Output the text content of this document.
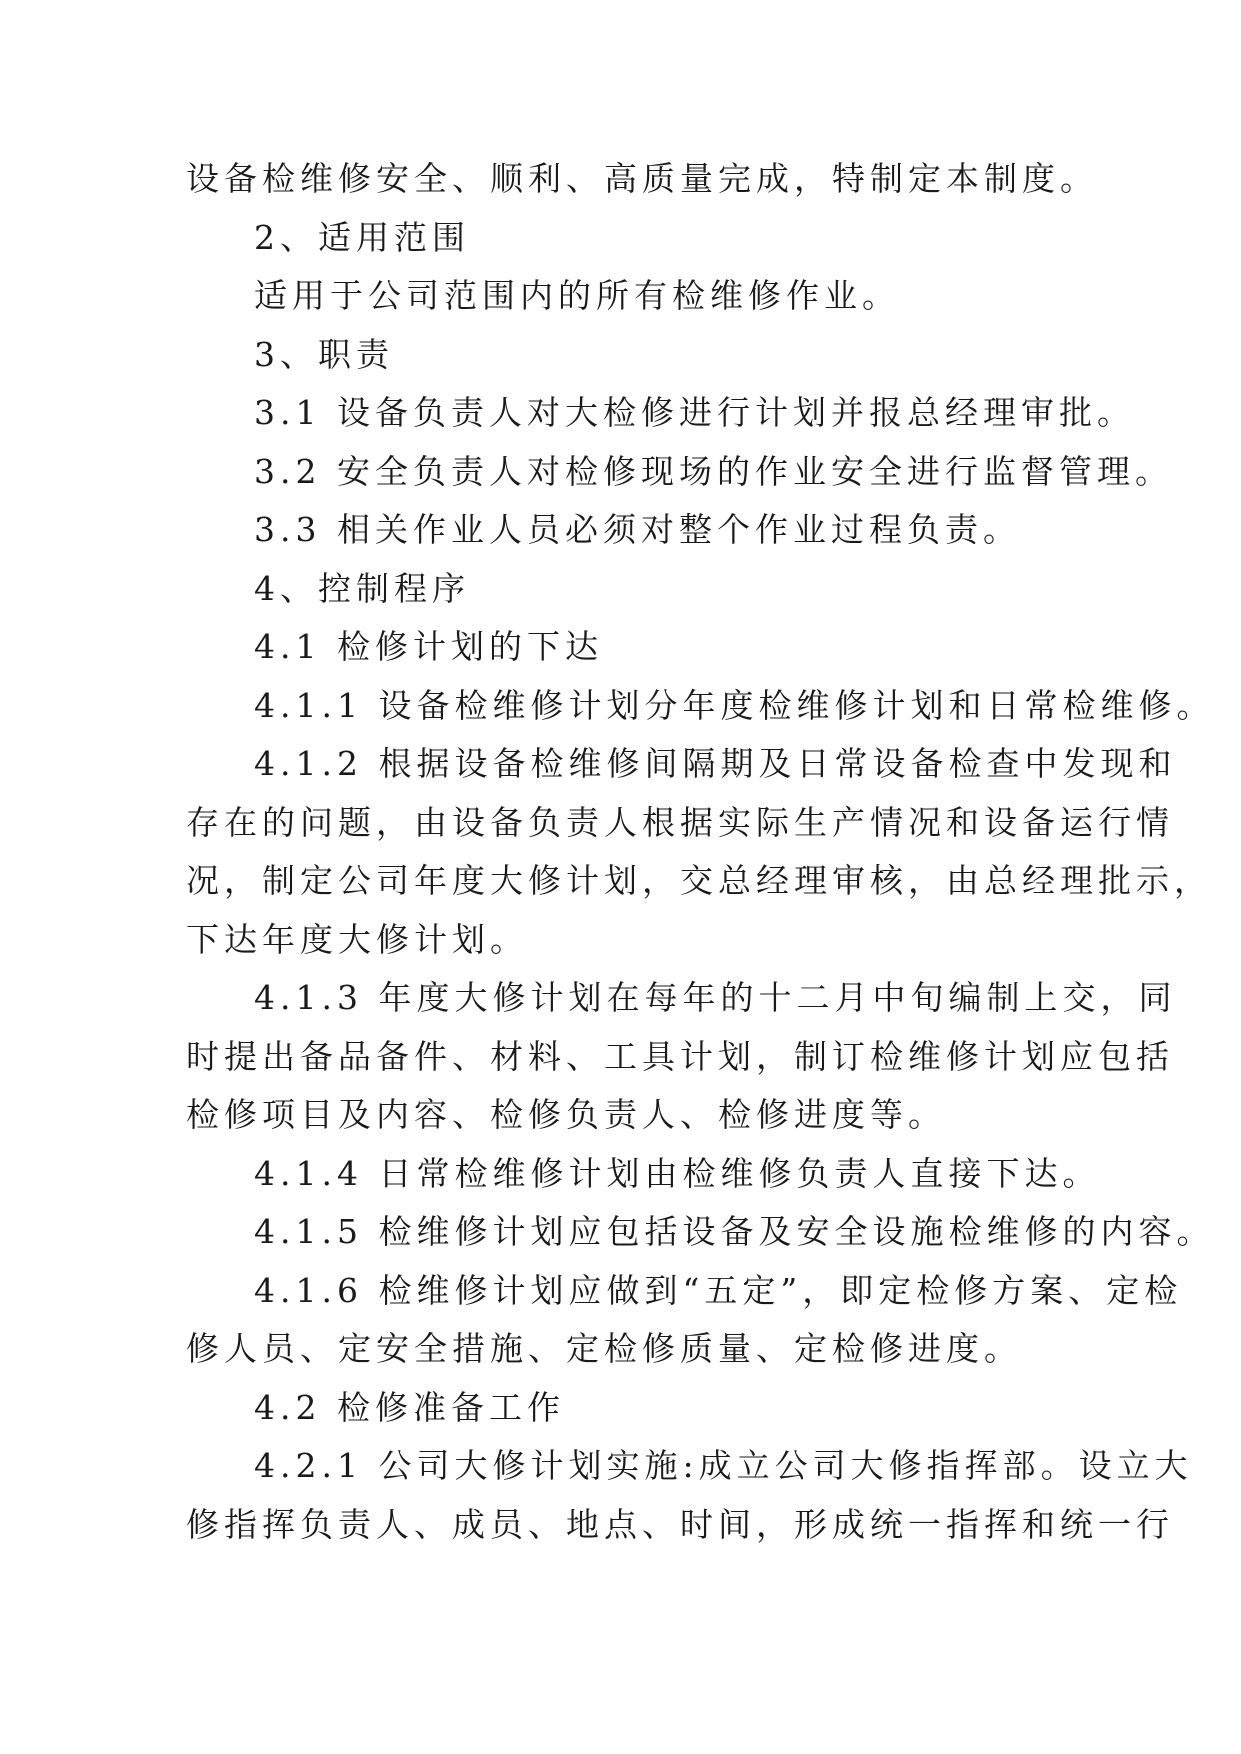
设备检维修安全、顺利、高质量完成，特制定本制度。
2、适用范围
适用于公司范围内的所有检维修作业。
3、职责
3.1 设备负责人对大检修进行计划并报总经理审批。
3.2 安全负责人对检修现场的作业安全进行监督管理。
3.3 相关作业人员必须对整个作业过程负责。
4、控制程序
4.1 检修计划的下达
4.1.1 设备检维修计划分年度检维修计划和日常检维修。
4.1.2 根据设备检维修间隔期及日常设备检查中发现和
存在的问题，由设备负责人根据实际生产情况和设备运行情
况，制定公司年度大修计划，交总经理审核，由总经理批示，
下达年度大修计划。
4.1.3 年度大修计划在每年的十二月中旬编制上交，同
时提出备品备件、材料、工具计划，制订检维修计划应包括
检修项目及内容、检修负责人、检修进度等。
4.1.4 日常检维修计划由检维修负责人直接下达。
4.1.5 检维修计划应包括设备及安全设施检维修的内容。
4.1.6 检维修计划应做到“五定”，即定检修方案、定检
修人员、定安全措施、定检修质量、定检修进度。
4.2 检修准备工作
4.2.1 公司大修计划实施:成立公司大修指挥部。设立大
修指挥负责人、成员、地点、时间，形成统一指挥和统一行
